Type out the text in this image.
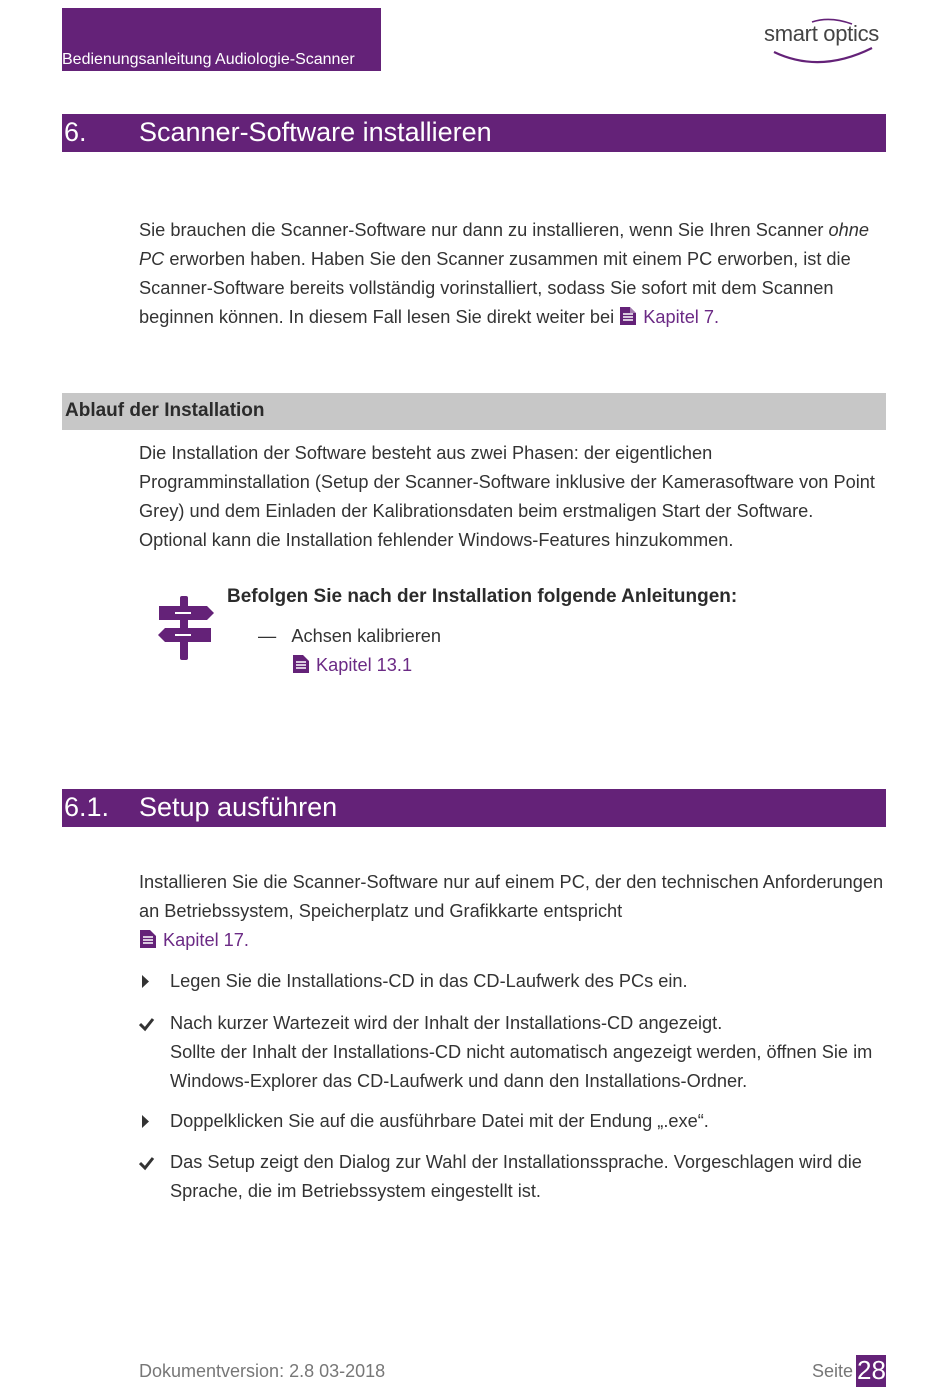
Bedienungsanleitung Audiologie-Scanner
smart optics
6. Scanner-Software installieren
Sie brauchen die Scanner-Software nur dann zu installieren, wenn Sie Ihren Scanner ohne PC erworben haben. Haben Sie den Scanner zusammen mit einem PC erworben, ist die Scanner-Software bereits vollständig vorinstalliert, sodass Sie sofort mit dem Scannen beginnen können. In diesem Fall lesen Sie direkt weiter bei Kapitel 7.
Ablauf der Installation
Die Installation der Software besteht aus zwei Phasen: der eigentlichen Programminstallation (Setup der Scanner-Software inklusive der Kamerasoftware von Point Grey) und dem Einladen der Kalibrationsdaten beim erstmaligen Start der Software. Optional kann die Installation fehlender Windows-Features hinzukommen.
Befolgen Sie nach der Installation folgende Anleitungen:
— Achsen kalibrieren
Kapitel 13.1
6.1. Setup ausführen
Installieren Sie die Scanner-Software nur auf einem PC, der den technischen Anforderungen an Betriebssystem, Speicherplatz und Grafikkarte entspricht
Kapitel 17.
Legen Sie die Installations-CD in das CD-Laufwerk des PCs ein.
Nach kurzer Wartezeit wird der Inhalt der Installations-CD angezeigt.
Sollte der Inhalt der Installations-CD nicht automatisch angezeigt werden, öffnen Sie im Windows-Explorer das CD-Laufwerk und dann den Installations-Ordner.
Doppelklicken Sie auf die ausführbare Datei mit der Endung „.exe“.
Das Setup zeigt den Dialog zur Wahl der Installationssprache. Vorgeschlagen wird die Sprache, die im Betriebssystem eingestellt ist.
Dokumentversion: 2.8 03-2018	Seite 28
